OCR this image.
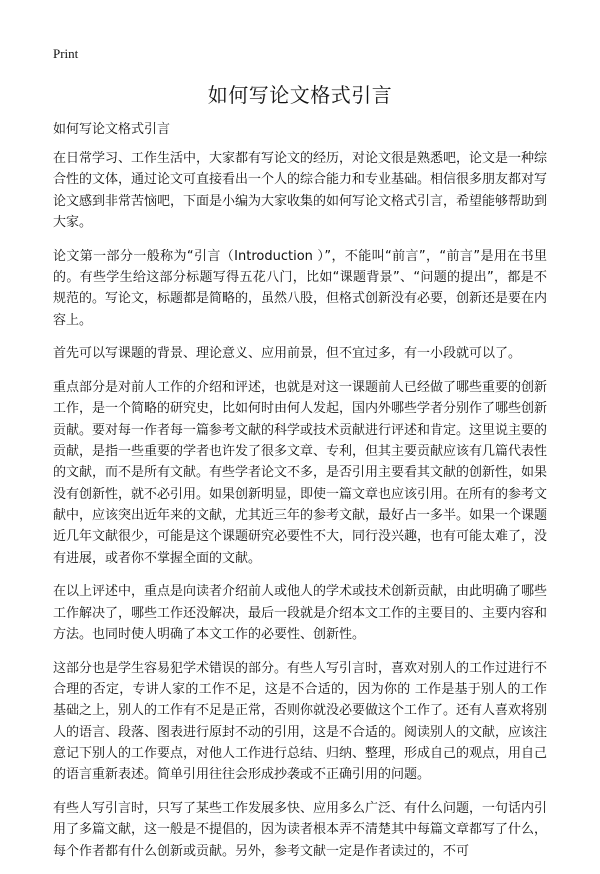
Print
如何写论文格式引言

如何写论文格式引言

在日常学习、工作生活中，大家都有写论文的经历，对论文很是熟悉吧，论文是一种综合性的文体，通过论文可直接看出一个人的综合能力和专业基础。相信很多朋友都对写论文感到非常苦恼吧，下面是小编为大家收集的如何写论文格式引言，希望能够帮助到大家。

论文第一部分一般称为“引言（Introduction ）”，不能叫“前言”，“前言”是用在书里的。有些学生给这部分标题写得五花八门，比如“课题背景”、“问题的提出”，都是不规范的。写论文，标题都是简略的，虽然八股，但格式创新没有必要，创新还是要在内容上。

首先可以写课题的背景、理论意义、应用前景，但不宜过多，有一小段就可以了。

重点部分是对前人工作的介绍和评述，也就是对这一课题前人已经做了哪些重要的创新工作，是一个简略的研究史，比如何时由何人发起，国内外哪些学者分别作了哪些创新贡献。要对每一作者每一篇参考文献的科学或技术贡献进行评述和肯定。这里说主要的贡献，是指一些重要的学者也许发了很多文章、专利，但其主要贡献应该有几篇代表性的文献，而不是所有文献。有些学者论文不多，是否引用主要看其文献的创新性，如果没有创新性，就不必引用。如果创新明显，即使一篇文章也应该引用。在所有的参考文献中，应该突出近年来的文献，尤其近三年的参考文献，最好占一多半。如果一个课题近几年文献很少，可能是这个课题研究必要性不大，同行没兴趣，也有可能太难了，没有进展，或者你不掌握全面的文献。

在以上评述中，重点是向读者介绍前人或他人的学术或技术创新贡献，由此明确了哪些工作解决了，哪些工作还没解决，最后一段就是介绍本文工作的主要目的、主要内容和方法。也同时使人明确了本文工作的必要性、创新性。

这部分也是学生容易犯学术错误的部分。有些人写引言时，喜欢对别人的工作过进行不合理的否定，专讲人家的工作不足，这是不合适的，因为你的 工作是基于别人的工作基础之上，别人的工作有不足是正常，否则你就没必要做这个工作了。还有人喜欢将别人的语言、段落、图表进行原封不动的引用，这是不合适的。阅读别人的文献，应该注意记下别人的工作要点，对他人工作进行总结、归纳、整理，形成自己的观点，用自己的语言重新表述。简单引用往往会形成抄袭或不正确引用的问题。

有些人写引言时，只写了某些工作发展多快、应用多么广泛、有什么问题，一句话内引用了多篇文献，这一般是不提倡的，因为读者根本弄不清楚其中每篇文章都写了什么，每个作者都有什么创新或贡献。另外，参考文献一定是作者读过的，不可
